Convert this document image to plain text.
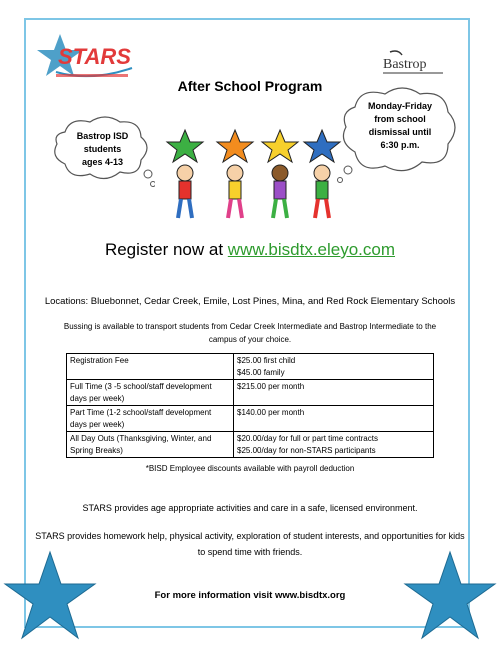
STARS	Bastrop
After School Program
Bastrop ISD
students
ages 4-13
Monday-Friday
from school
dismissal until
6:30 p.m.
Register now at www.bisdtx.eleyo.com
Locations: Bluebonnet, Cedar Creek, Emile, Lost Pines, Mina, and Red Rock Elementary Schools
Bussing is available to transport students from Cedar Creek Intermediate and Bastrop Intermediate to the campus of your choice.
Registration Fee	$25.00 first child
$45.00 family

Full Time (3 -5 school/staff development days per week)	$215.00 per month

Part Time (1-2 school/staff development days per week)	$140.00 per month

All Day Outs (Thanksgiving, Winter, and Spring Breaks)	$20.00/day for full or part time contracts
$25.00/day for non-STARS participants
*BISD Employee discounts available with payroll deduction
STARS provides age appropriate activities and care in a safe, licensed environment.
STARS provides homework help, physical activity, exploration of student interests, and opportunities for kids to spend time with friends.
For more information visit www.bisdtx.org
